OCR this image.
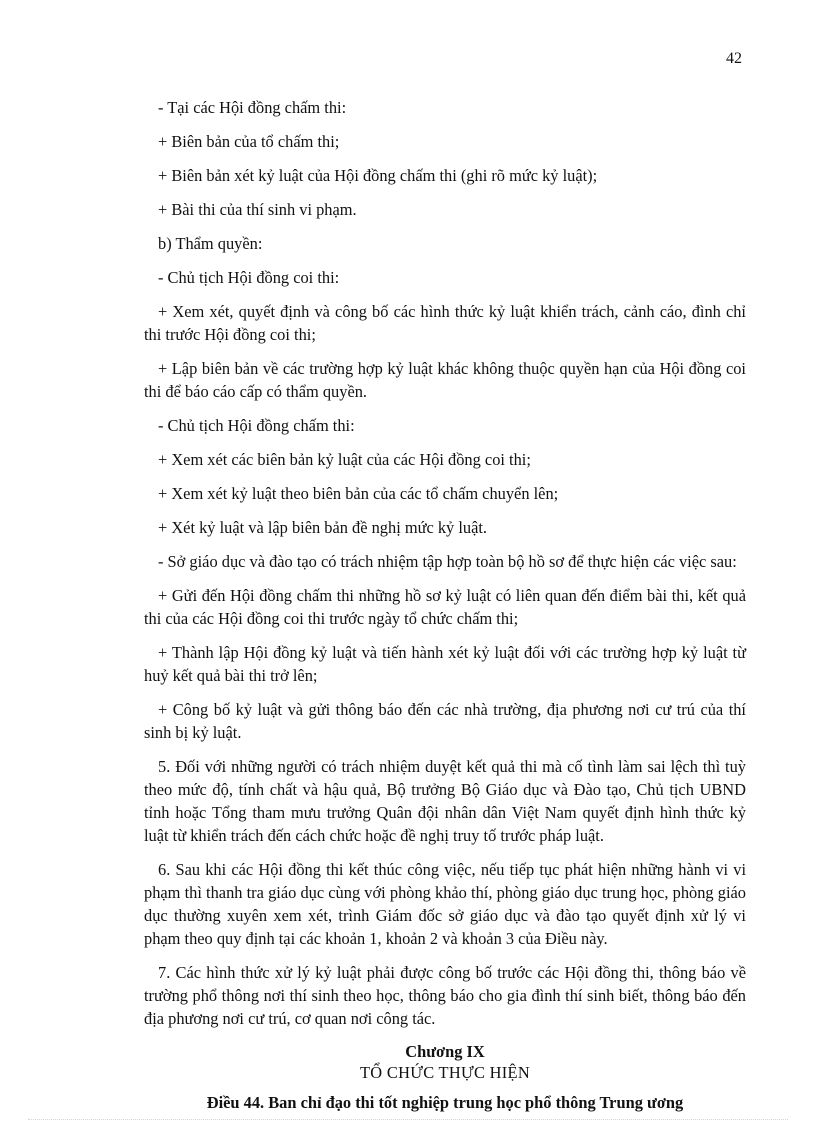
42

- Tại các Hội đồng chấm thi:

+ Biên bản của tổ chấm thi;

+ Biên bản xét kỷ luật của Hội đồng chấm thi (ghi rõ mức kỷ luật);

+ Bài thi của thí sinh vi phạm.

b) Thẩm quyền:

- Chủ tịch Hội đồng coi thi:

+ Xem xét, quyết định và công bố các hình thức kỷ luật khiển trách, cảnh cáo, đình chỉ thi trước Hội đồng coi thi;

+ Lập biên bản về các trường hợp kỷ luật khác không thuộc quyền hạn của Hội đồng coi thi để báo cáo cấp có thẩm quyền.

- Chủ tịch Hội đồng chấm thi:

+ Xem xét các biên bản kỷ luật của các Hội đồng coi thi;

+ Xem xét kỷ luật theo biên bản của các tổ chấm chuyển lên;

+ Xét kỷ luật và lập biên bản đề nghị mức kỷ luật.

- Sở giáo dục và đào tạo có trách nhiệm tập hợp toàn bộ hồ sơ để thực hiện các việc sau:

+ Gửi đến Hội đồng chấm thi những hồ sơ kỷ luật có liên quan đến điểm bài thi, kết quả thi của các Hội đồng coi thi trước ngày tổ chức chấm thi;

+ Thành lập Hội đồng kỷ luật và tiến hành xét kỷ luật đối với các trường hợp kỷ luật từ huỷ kết quả bài thi trở lên;

+ Công bố kỷ luật và gửi thông báo đến các nhà trường, địa phương nơi cư trú của thí sinh bị kỷ luật.

5. Đối với những người có trách nhiệm duyệt kết quả thi mà cố tình làm sai lệch thì tuỳ theo mức độ, tính chất và hậu quả, Bộ trưởng Bộ Giáo dục và Đào tạo, Chủ tịch UBND tỉnh hoặc Tổng tham mưu trưởng Quân đội nhân dân Việt Nam quyết định hình thức kỷ luật từ khiển trách đến cách chức hoặc đề nghị truy tố trước pháp luật.

6. Sau khi các Hội đồng thi kết thúc công việc, nếu tiếp tục phát hiện những hành vi vi phạm thì thanh tra giáo dục cùng với phòng khảo thí, phòng giáo dục trung học, phòng giáo dục thường xuyên xem xét, trình Giám đốc sở giáo dục và đào tạo quyết định xử lý vi phạm theo quy định tại các khoản 1, khoản 2 và khoản 3 của Điều này.

7. Các hình thức xử lý kỷ luật phải được công bố trước các Hội đồng thi, thông báo về trường phổ thông nơi thí sinh theo học, thông báo cho gia đình thí sinh biết, thông báo đến địa phương nơi cư trú, cơ quan nơi công tác.

Chương IX

TỔ CHỨC THỰC HIỆN

Điều 44. Ban chỉ đạo thi tốt nghiệp trung học phổ thông Trung ương
